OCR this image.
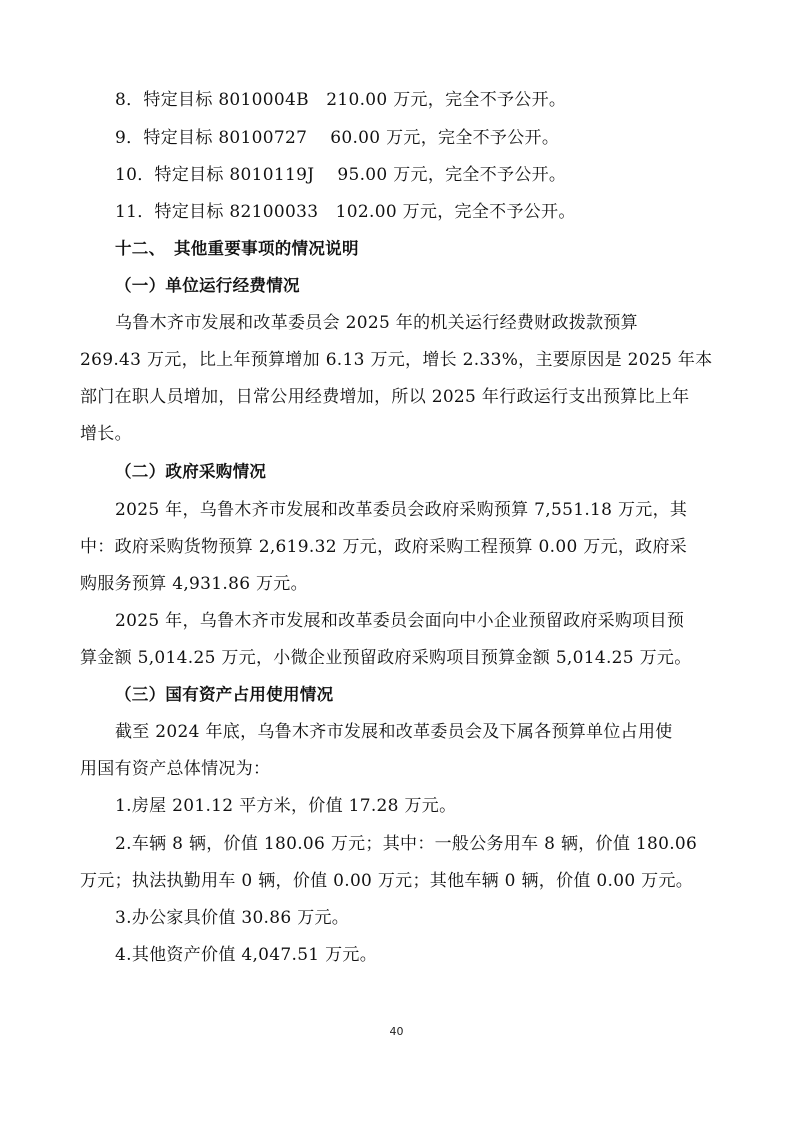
8．特定目标 8010004B　210.00 万元，完全不予公开。
9．特定目标 80100727　 60.00 万元，完全不予公开。
10．特定目标 8010119J　 95.00 万元，完全不予公开。
11．特定目标 82100033　102.00 万元，完全不予公开。
十二、　其他重要事项的情况说明
（一）单位运行经费情况
乌鲁木齐市发展和改革委员会 2025 年的机关运行经费财政拨款预算
269.43 万元，比上年预算增加 6.13 万元，增长 2.33%，主要原因是 2025 年本
部门在职人员增加，日常公用经费增加，所以 2025 年行政运行支出预算比上年
增长。
（二）政府采购情况
2025 年，乌鲁木齐市发展和改革委员会政府采购预算 7,551.18 万元，其
中：政府采购货物预算 2,619.32 万元，政府采购工程预算 0.00 万元，政府采
购服务预算 4,931.86 万元。
2025 年，乌鲁木齐市发展和改革委员会面向中小企业预留政府采购项目预
算金额 5,014.25 万元，小微企业预留政府采购项目预算金额 5,014.25 万元。
（三）国有资产占用使用情况
截至 2024 年底，乌鲁木齐市发展和改革委员会及下属各预算单位占用使
用国有资产总体情况为：
1.房屋 201.12 平方米，价值 17.28 万元。
2.车辆 8 辆，价值 180.06 万元；其中：一般公务用车 8 辆，价值 180.06
万元；执法执勤用车 0 辆，价值 0.00 万元；其他车辆 0 辆，价值 0.00 万元。
3.办公家具价值 30.86 万元。
4.其他资产价值 4,047.51 万元。
40
